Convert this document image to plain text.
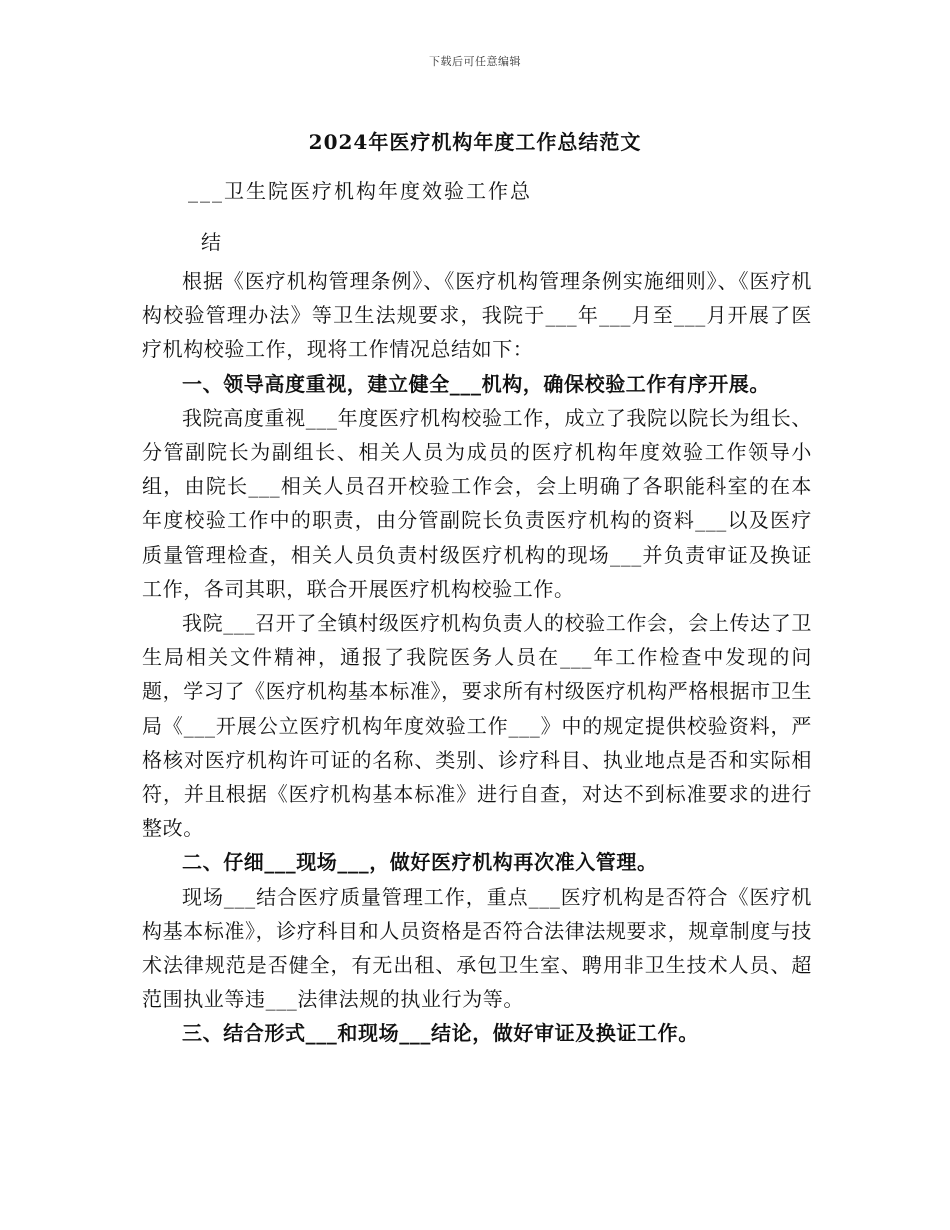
下载后可任意编辑
2024年医疗机构年度工作总结范文
___卫生院医疗机构年度效验工作总
结

根据《医疗机构管理条例》、《医疗机构管理条例实施细则》、《医疗机构校验管理办法》等卫生法规要求，我院于___年___月至___月开展了医疗机构校验工作，现将工作情况总结如下：

一、领导高度重视，建立健全___机构，确保校验工作有序开展。

我院高度重视___年度医疗机构校验工作，成立了我院以院长为组长、分管副院长为副组长、相关人员为成员的医疗机构年度效验工作领导小组，由院长___相关人员召开校验工作会，会上明确了各职能科室的在本年度校验工作中的职责，由分管副院长负责医疗机构的资料___以及医疗质量管理检查，相关人员负责村级医疗机构的现场___并负责审证及换证工作，各司其职，联合开展医疗机构校验工作。

我院___召开了全镇村级医疗机构负责人的校验工作会，会上传达了卫生局相关文件精神，通报了我院医务人员在___年工作检查中发现的问题，学习了《医疗机构基本标准》，要求所有村级医疗机构严格根据市卫生局《___开展公立医疗机构年度效验工作___》中的规定提供校验资料，严格核对医疗机构许可证的名称、类别、诊疗科目、执业地点是否和实际相符，并且根据《医疗机构基本标准》进行自查，对达不到标准要求的进行整改。

二、仔细___现场___，做好医疗机构再次准入管理。

现场___结合医疗质量管理工作，重点___医疗机构是否符合《医疗机构基本标准》，诊疗科目和人员资格是否符合法律法规要求，规章制度与技术法律规范是否健全，有无出租、承包卫生室、聘用非卫生技术人员、超范围执业等违___法律法规的执业行为等。

三、结合形式___和现场___结论，做好审证及换证工作。
